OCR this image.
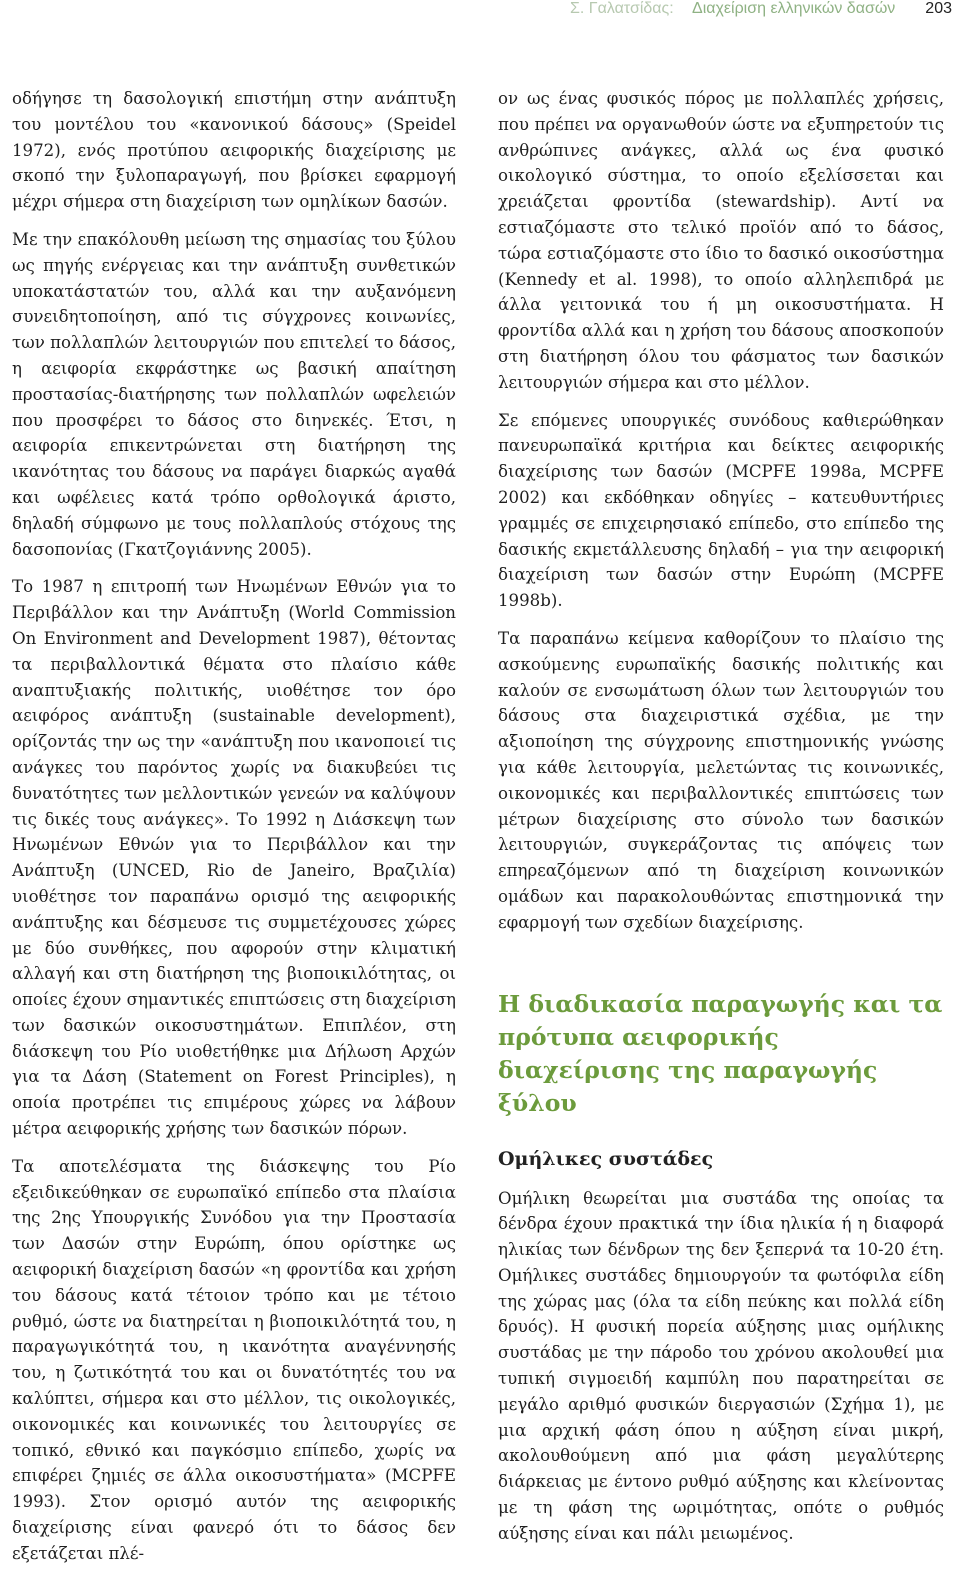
Σ. Γαλατσίδας: Διαχείριση ελληνικών δασών 203

οδήγησε τη δασολογική επιστήμη στην ανάπτυξη του μοντέλου του «κανονικού δάσους» (Speidel 1972), ενός προτύπου αειφορικής διαχείρισης με σκοπό την ξυλοπαραγωγή, που βρίσκει εφαρμογή μέχρι σήμερα στη διαχείριση των ομηλίκων δασών.

Με την επακόλουθη μείωση της σημασίας του ξύλου ως πηγής ενέργειας και την ανάπτυξη συνθετικών υποκατάστατών του, αλλά και την αυξανόμενη συνειδητοποίηση, από τις σύγχρονες κοινωνίες, των πολλαπλών λειτουργιών που επιτελεί το δάσος, η αειφορία εκφράστηκε ως βασική απαίτηση προστασίας-διατήρησης των πολλαπλών ωφελειών που προσφέρει το δάσος στο διηνεκές. Έτσι, η αειφορία επικεντρώνεται στη διατήρηση της ικανότητας του δάσους να παράγει διαρκώς αγαθά και ωφέλειες κατά τρόπο ορθολογικά άριστο, δηλαδή σύμφωνο με τους πολλαπλούς στόχους της δασοπονίας (Γκατζογιάννης 2005).

Το 1987 η επιτροπή των Ηνωμένων Εθνών για το Περιβάλλον και την Ανάπτυξη (World Commission On Environment and Development 1987), θέτοντας τα περιβαλλοντικά θέματα στο πλαίσιο κάθε αναπτυξιακής πολιτικής, υιοθέτησε τον όρο αειφόρος ανάπτυξη (sustainable development), ορίζοντάς την ως την «ανάπτυξη που ικανοποιεί τις ανάγκες του παρόντος χωρίς να διακυβεύει τις δυνατότητες των μελλοντικών γενεών να καλύψουν τις δικές τους ανάγκες». Το 1992 η Διάσκεψη των Ηνωμένων Εθνών για το Περιβάλλον και την Ανάπτυξη (UNCED, Rio de Janeiro, Βραζιλία) υιοθέτησε τον παραπάνω ορισμό της αειφορικής ανάπτυξης και δέσμευσε τις συμμετέχουσες χώρες με δύο συνθήκες, που αφορούν στην κλιματική αλλαγή και στη διατήρηση της βιοποικιλότητας, οι οποίες έχουν σημαντικές επιπτώσεις στη διαχείριση των δασικών οικοσυστημάτων. Επιπλέον, στη διάσκεψη του Ρίο υιοθετήθηκε μια Δήλωση Αρχών για τα Δάση (Statement on Forest Principles), η οποία προτρέπει τις επιμέρους χώρες να λάβουν μέτρα αειφορικής χρήσης των δασικών πόρων.

Τα αποτελέσματα της διάσκεψης του Ρίο εξειδικεύθηκαν σε ευρωπαϊκό επίπεδο στα πλαίσια της 2ης Υπουργικής Συνόδου για την Προστασία των Δασών στην Ευρώπη, όπου ορίστηκε ως αειφορική διαχείριση δασών «η φροντίδα και χρήση του δάσους κατά τέτοιον τρόπο και με τέτοιο ρυθμό, ώστε να διατηρείται η βιοποικιλότητά του, η παραγωγικότητά του, η ικανότητα αναγέννησής του, η ζωτικότητά του και οι δυνατότητές του να καλύπτει, σήμερα και στο μέλλον, τις οικολογικές, οικονομικές και κοινωνικές του λειτουργίες σε τοπικό, εθνικό και παγκόσμιο επίπεδο, χωρίς να επιφέρει ζημιές σε άλλα οικοσυστήματα» (MCPFE 1993). Στον ορισμό αυτόν της αειφορικής διαχείρισης είναι φανερό ότι το δάσος δεν εξετάζεται πλέ-

ον ως ένας φυσικός πόρος με πολλαπλές χρήσεις, που πρέπει να οργανωθούν ώστε να εξυπηρετούν τις ανθρώπινες ανάγκες, αλλά ως ένα φυσικό οικολογικό σύστημα, το οποίο εξελίσσεται και χρειάζεται φροντίδα (stewardship). Αντί να εστιαζόμαστε στο τελικό προϊόν από το δάσος, τώρα εστιαζόμαστε στο ίδιο το δασικό οικοσύστημα (Kennedy et al. 1998), το οποίο αλληλεπιδρά με άλλα γειτονικά του ή μη οικοσυστήματα. Η φροντίδα αλλά και η χρήση του δάσους αποσκοπούν στη διατήρηση όλου του φάσματος των δασικών λειτουργιών σήμερα και στο μέλλον.

Σε επόμενες υπουργικές συνόδους καθιερώθηκαν πανευρωπαϊκά κριτήρια και δείκτες αειφορικής διαχείρισης των δασών (MCPFE 1998a, MCPFE 2002) και εκδόθηκαν οδηγίες – κατευθυντήριες γραμμές σε επιχειρησιακό επίπεδο, στο επίπεδο της δασικής εκμετάλλευσης δηλαδή – για την αειφορική διαχείριση των δασών στην Ευρώπη (MCPFE 1998b).

Τα παραπάνω κείμενα καθορίζουν το πλαίσιο της ασκούμενης ευρωπαϊκής δασικής πολιτικής και καλούν σε ενσωμάτωση όλων των λειτουργιών του δάσους στα διαχειριστικά σχέδια, με την αξιοποίηση της σύγχρονης επιστημονικής γνώσης για κάθε λειτουργία, μελετώντας τις κοινωνικές, οικονομικές και περιβαλλοντικές επιπτώσεις των μέτρων διαχείρισης στο σύνολο των δασικών λειτουργιών, συγκεράζοντας τις απόψεις των επηρεαζόμενων από τη διαχείριση κοινωνικών ομάδων και παρακολουθώντας επιστημονικά την εφαρμογή των σχεδίων διαχείρισης.

Η διαδικασία παραγωγής και τα πρότυπα αειφορικής διαχείρισης της παραγωγής ξύλου
Ομήλικες συστάδες

Ομήλικη θεωρείται μια συστάδα της οποίας τα δένδρα έχουν πρακτικά την ίδια ηλικία ή η διαφορά ηλικίας των δένδρων της δεν ξεπερνά τα 10-20 έτη. Ομήλικες συστάδες δημιουργούν τα φωτόφιλα είδη της χώρας μας (όλα τα είδη πεύκης και πολλά είδη δρυός). Η φυσική πορεία αύξησης μιας ομήλικης συστάδας με την πάροδο του χρόνου ακολουθεί μια τυπική σιγμοειδή καμπύλη που παρατηρείται σε μεγάλο αριθμό φυσικών διεργασιών (Σχήμα 1), με μια αρχική φάση όπου η αύξηση είναι μικρή, ακολουθούμενη από μια φάση μεγαλύτερης διάρκειας με έντονο ρυθμό αύξησης και κλείνοντας με τη φάση της ωριμότητας, οπότε ο ρυθμός αύξησης είναι και πάλι μειωμένος.
